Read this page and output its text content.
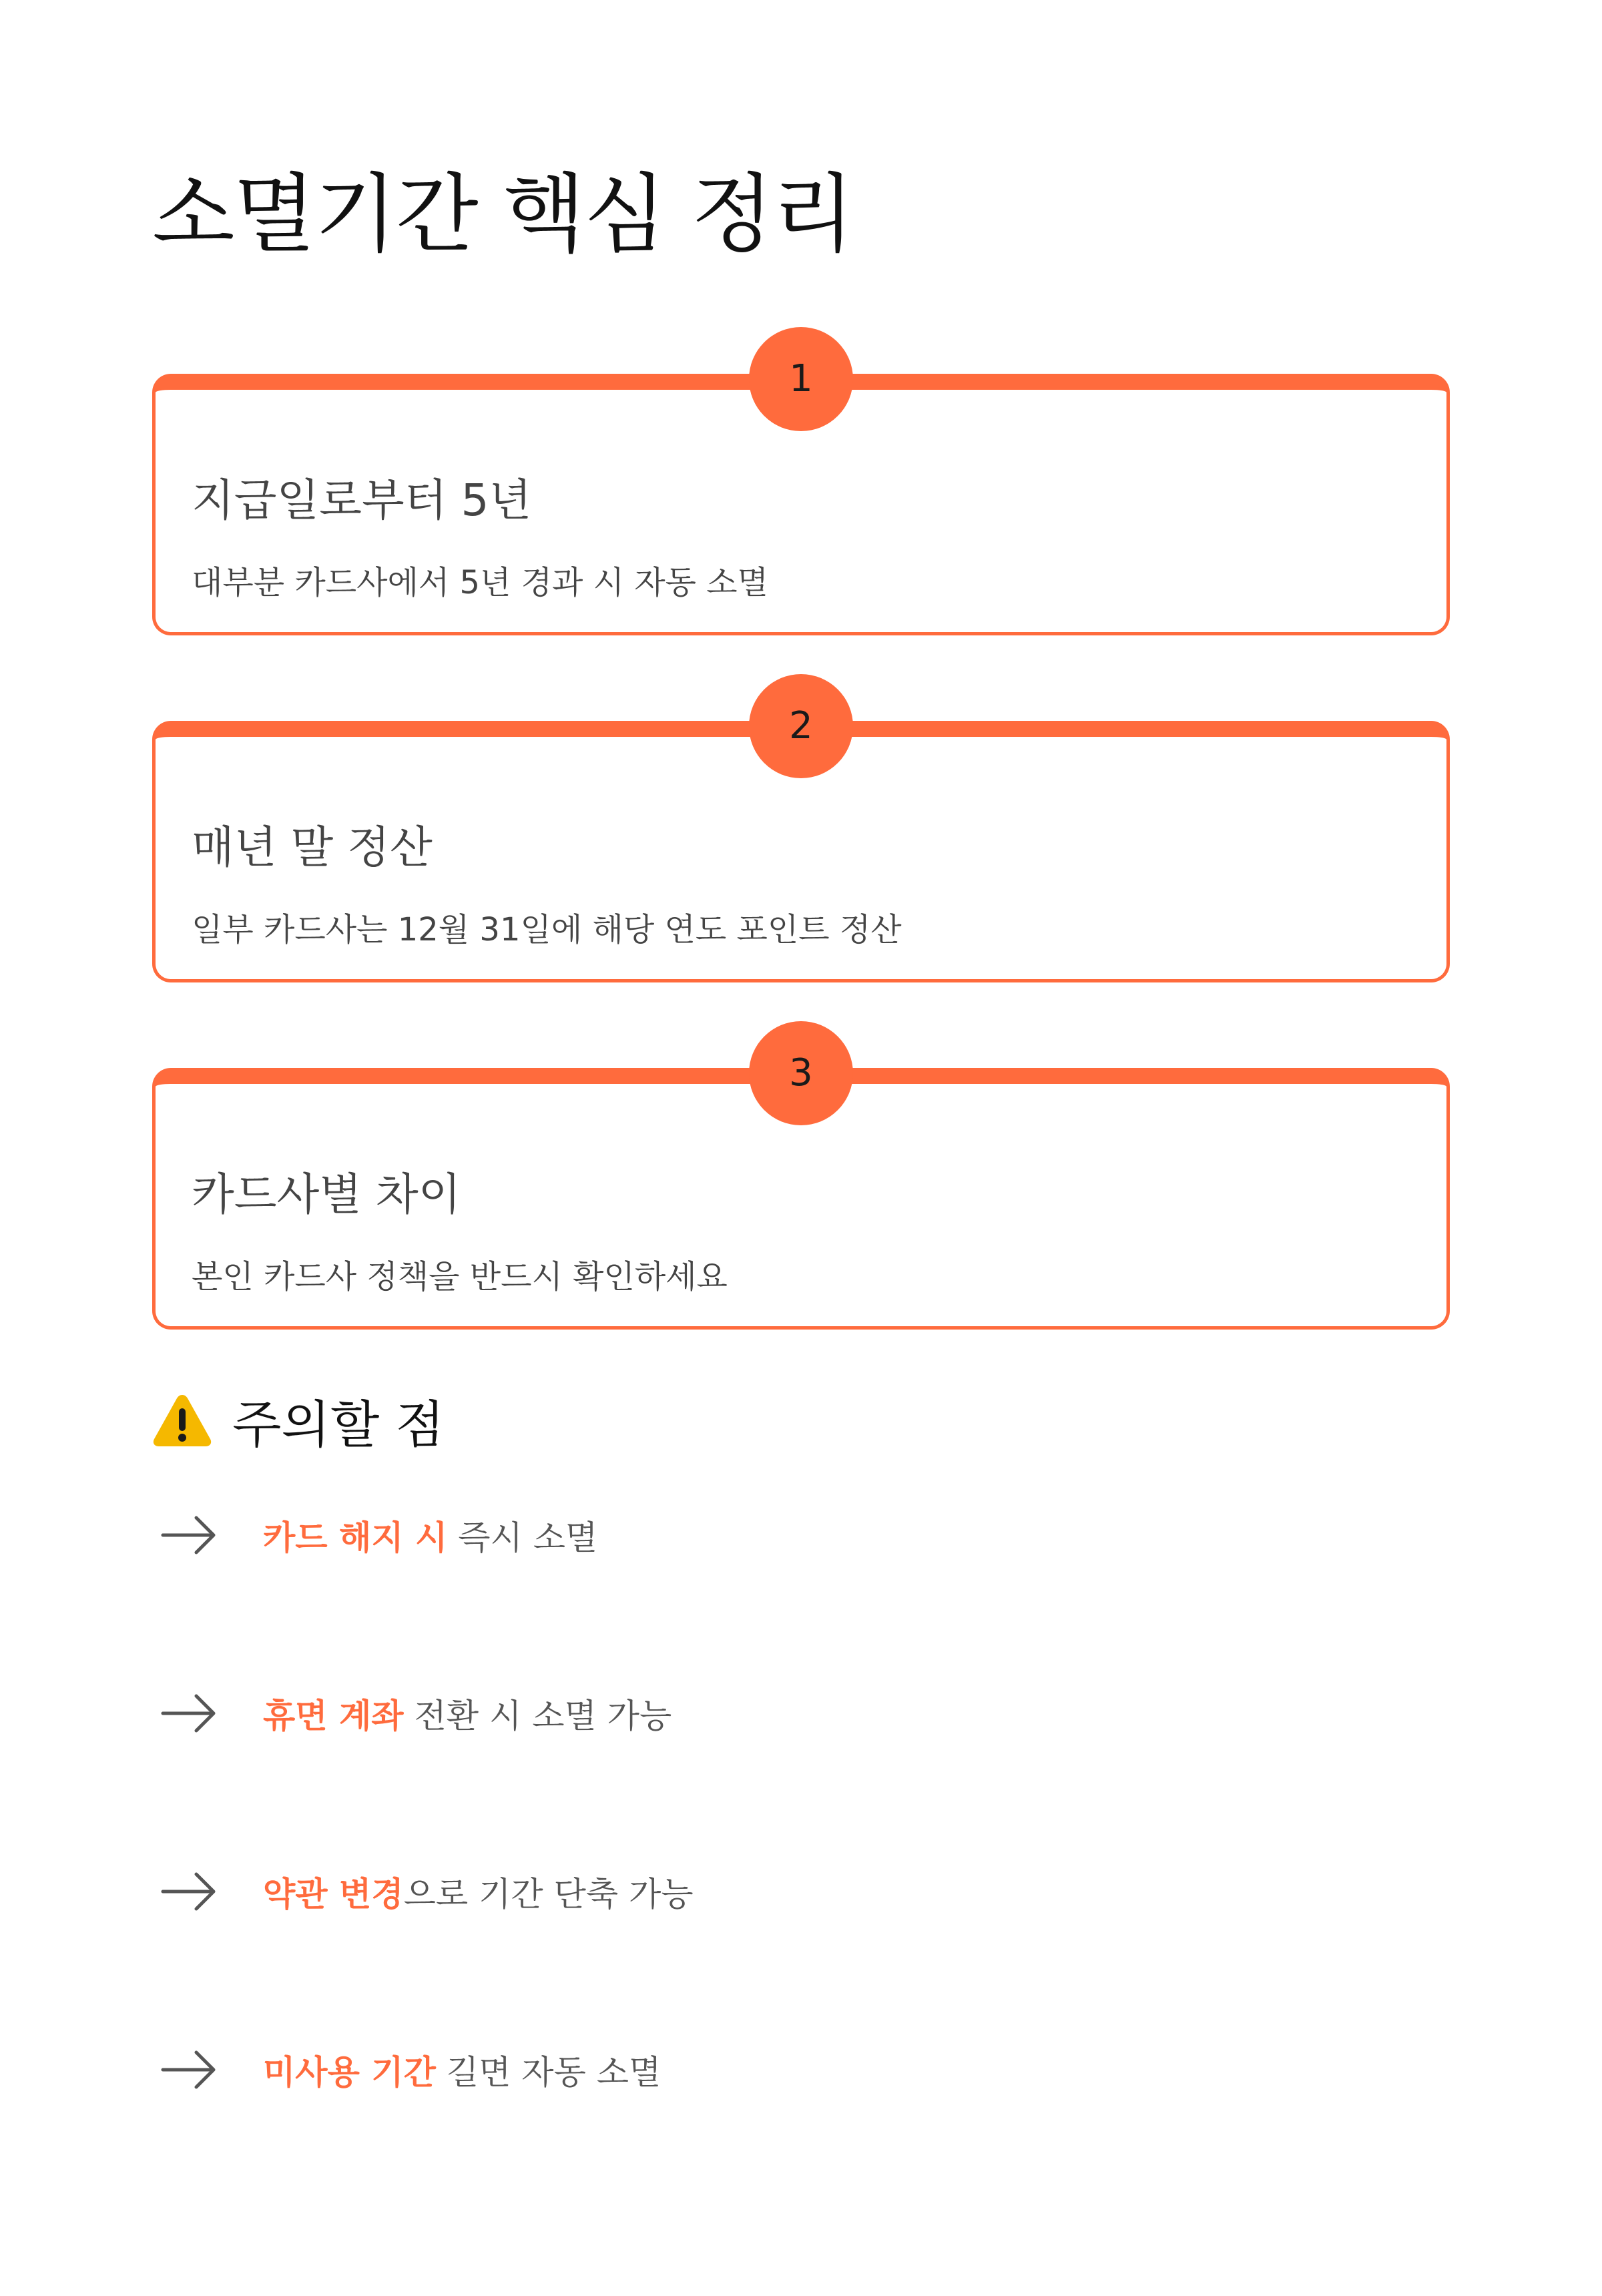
소멸기간 핵심 정리
1
지급일로부터 5년
대부분 카드사에서 5년 경과 시 자동 소멸
2
매년 말 정산
일부 카드사는 12월 31일에 해당 연도 포인트 정산
3
카드사별 차이
본인 카드사 정책을 반드시 확인하세요
주의할 점
카드 해지 시 즉시 소멸
휴면 계좌 전환 시 소멸 가능
약관 변경으로 기간 단축 가능
미사용 기간 길면 자동 소멸
